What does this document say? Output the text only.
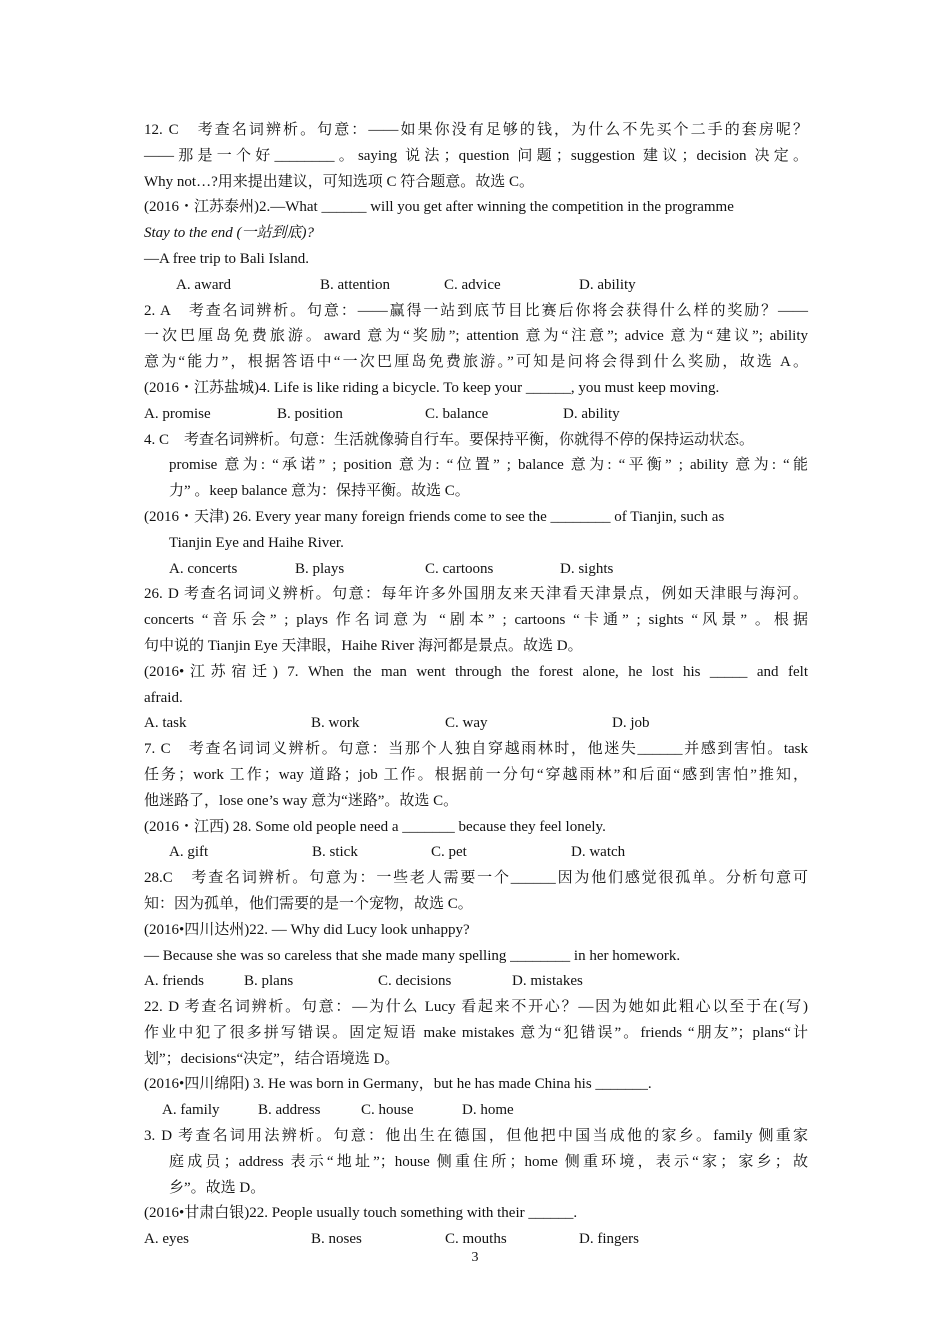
12. C　考查名词辨析。句意：——如果你没有足够的钱，为什么不先买个二手的套房呢？
——那是一个好________。saying 说法；question 问题；suggestion 建议；decision 决定。
Why not…?用来提出建议，可知选项 C 符合题意。故选 C。
(2016・江苏泰州)2.—What ______ will you get after winning the competition in the programme
Stay to the end (一站到底)?
—A free trip to Bali Island.
A. award	B. attention	C. advice	D. ability
2. A　考查名词辨析。句意：——赢得一站到底节目比赛后你将会获得什么样的奖励？——
一次巴厘岛免费旅游。award 意为“奖励”; attention 意为“注意”; advice 意为“建议”; ability
意为“能力”，根据答语中“一次巴厘岛免费旅游。”可知是问将会得到什么奖励，故选 A。
(2016・江苏盐城)4. Life is like riding a bicycle. To keep your ______, you must keep moving.
A. promise	B. position	C. balance	D. ability
4. C　考查名词辨析。句意：生活就像骑自行车。要保持平衡，你就得不停的保持运动状态。
promise 意为: “承诺” ; position 意为: “位置” ; balance 意为: “平衡” ; ability 意为: “能
力” 。keep balance 意为：保持平衡。故选 C。
(2016・天津) 26. Every year many foreign friends come to see the ________ of Tianjin, such as
Tianjin Eye and Haihe River.
A. concerts	B. plays	C. cartoons	D. sights
26. D 考查名词词义辨析。句意：每年许多外国朋友来天津看天津景点，例如天津眼与海河。
concerts “音乐会” ; plays 作名词意为 “剧本” ; cartoons “卡通” ; sights “风景” 。根据
句中说的 Tianjin Eye 天津眼，Haihe River 海河都是景点。故选 D。
(2016•江苏宿迁) 7. When the man went through the forest alone, he lost his _____ and felt
afraid.
A. task	B. work	C. way	D. job
7. C　考查名词词义辨析。句意：当那个人独自穿越雨林时，他迷失______并感到害怕。task
任务；work 工作；way 道路；job 工作。根据前一分句“穿越雨林”和后面“感到害怕”推知，
他迷路了，lose one’s way 意为“迷路”。故选 C。
(2016・江西) 28. Some old people need a _______ because they feel lonely.
A. gift	B. stick	C. pet	D. watch
28.C　考查名词辨析。句意为：一些老人需要一个______因为他们感觉很孤单。分析句意可
知：因为孤单，他们需要的是一个宠物，故选 C。
(2016•四川达州)22. — Why did Lucy look unhappy?
— Because she was so careless that she made many spelling ________ in her homework.
A. friends	B. plans	C. decisions	D. mistakes
22. D 考查名词辨析。句意：—为什么 Lucy 看起来不开心？—因为她如此粗心以至于在(写)
作业中犯了很多拼写错误。固定短语 make mistakes 意为“犯错误”。friends “朋友”；plans“计
划”；decisions“决定”，结合语境选 D。
(2016•四川绵阳) 3. He was born in Germany，but he has made China his _______.
A. family	B. address	C. house	D. home
3. D 考查名词用法辨析。句意：他出生在德国，但他把中国当成他的家乡。family 侧重家
庭成员；address 表示“地址”；house 侧重住所；home 侧重环境，表示“家；家乡；故
乡”。故选 D。
(2016•甘肃白银)22. People usually touch something with their ______.
A. eyes	B. noses	C. mouths	D. fingers
3
